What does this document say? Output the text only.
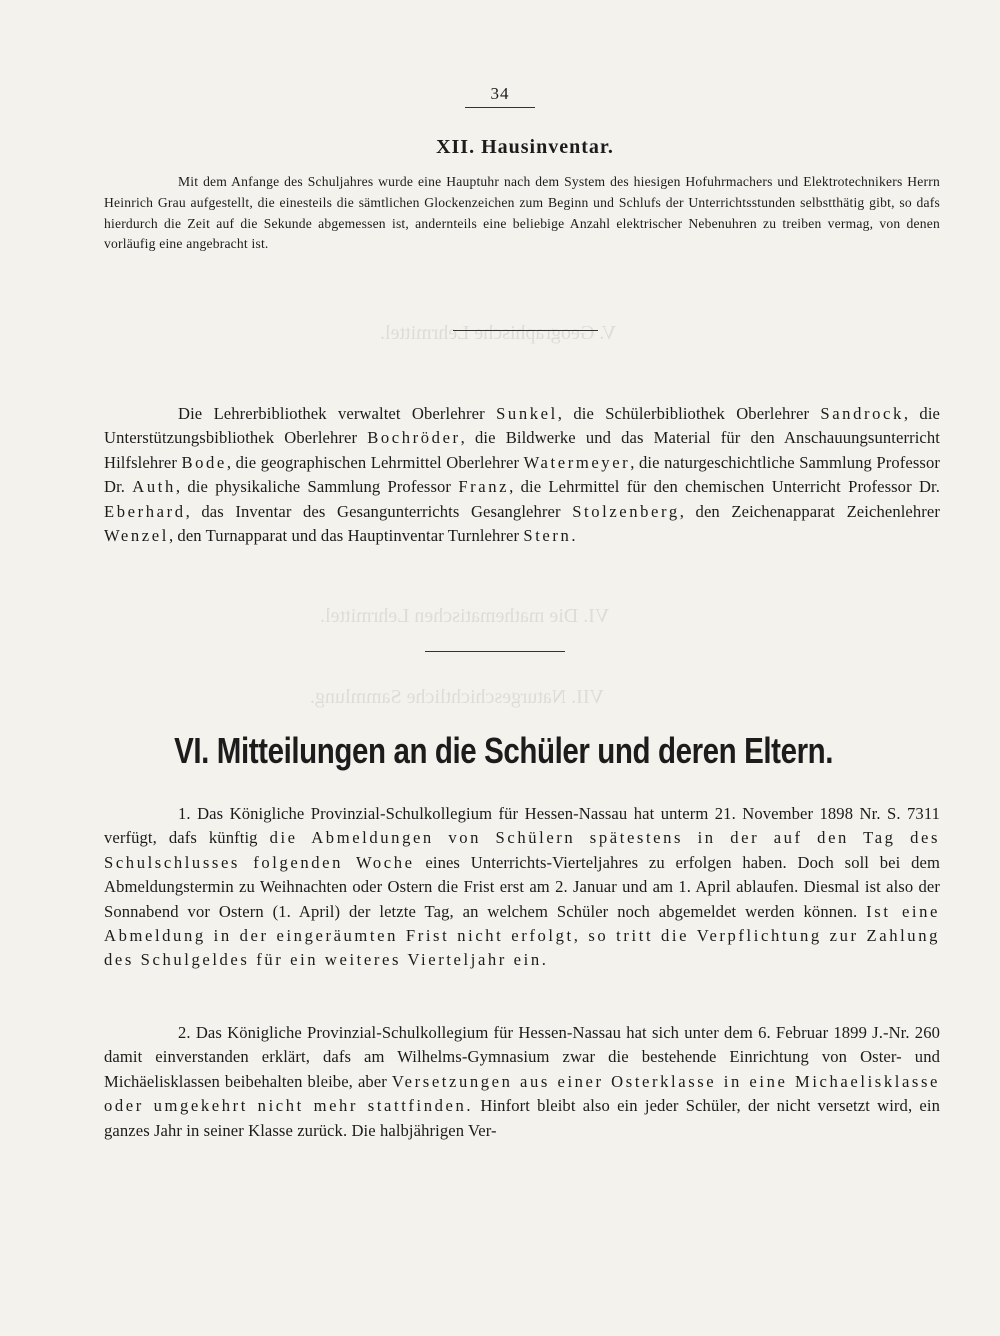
V. Geographische Lehrmittel.
VI. Die mathematischen Lehrmittel.
VII. Naturgeschichtliche Sammlung.
34
XII. Hausinventar.

Mit dem Anfange des Schuljahres wurde eine Hauptuhr nach dem System des hiesigen Hofuhrmachers und Elektrotechnikers Herrn Heinrich Grau aufgestellt, die einesteils die sämtlichen Glockenzeichen zum Beginn und Schlufs der Unterrichtsstunden selbstthätig gibt, so dafs hierdurch die Zeit auf die Sekunde abgemessen ist, andernteils eine beliebige Anzahl elektrischer Nebenuhren zu treiben vermag, von denen vorläufig eine angebracht ist.

Die Lehrerbibliothek verwaltet Oberlehrer Sunkel, die Schülerbibliothek Oberlehrer Sandrock, die Unterstützungsbibliothek Oberlehrer Bochröder, die Bildwerke und das Material für den Anschauungsunterricht Hilfslehrer Bode, die geographischen Lehrmittel Oberlehrer Watermeyer, die naturgeschichtliche Sammlung Professor Dr. Auth, die physikaliche Sammlung Professor Franz, die Lehrmittel für den chemischen Unterricht Professor Dr. Eberhard, das Inventar des Gesangunterrichts Gesanglehrer Stolzenberg, den Zeichenapparat Zeichenlehrer Wenzel, den Turnapparat und das Hauptinventar Turnlehrer Stern.

VI. Mitteilungen an die Schüler und deren Eltern.

1. Das Königliche Provinzial-Schulkollegium für Hessen-Nassau hat unterm 21. November 1898 Nr. S. 7311 verfügt, dafs künftig die Abmeldungen von Schülern spätestens in der auf den Tag des Schulschlusses folgenden Woche eines Unterrichts-Vierteljahres zu erfolgen haben. Doch soll bei dem Abmeldungstermin zu Weihnachten oder Ostern die Frist erst am 2. Januar und am 1. April ablaufen. Diesmal ist also der Sonnabend vor Ostern (1. April) der letzte Tag, an welchem Schüler noch abgemeldet werden können. Ist eine Abmeldung in der eingeräumten Frist nicht erfolgt, so tritt die Verpflichtung zur Zahlung des Schulgeldes für ein weiteres Vierteljahr ein.

2. Das Königliche Provinzial-Schulkollegium für Hessen-Nassau hat sich unter dem 6. Februar 1899 J.-Nr. 260 damit einverstanden erklärt, dafs am Wilhelms-Gymnasium zwar die bestehende Einrichtung von Oster- und Michäelisklassen beibehalten bleibe, aber Versetzungen aus einer Osterklasse in eine Michaelisklasse oder umgekehrt nicht mehr stattfinden. Hinfort bleibt also ein jeder Schüler, der nicht versetzt wird, ein ganzes Jahr in seiner Klasse zurück. Die halbjährigen Ver-
